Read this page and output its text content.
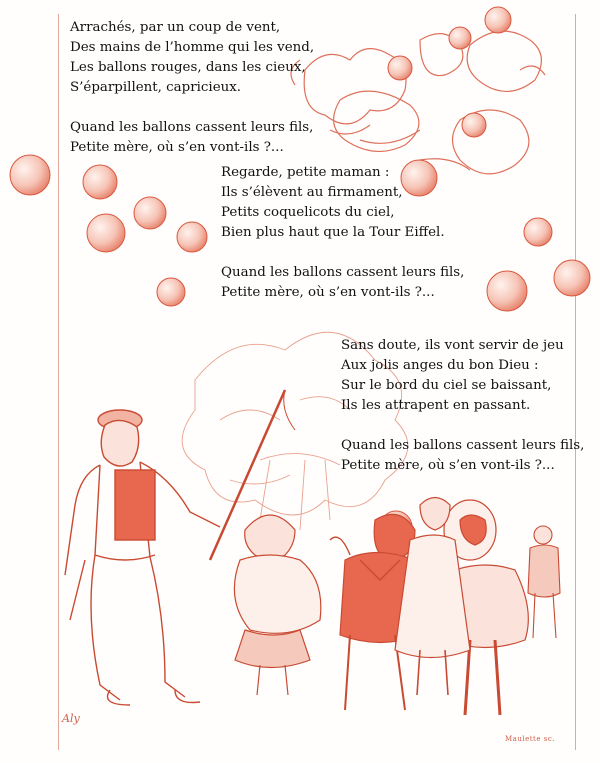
Arrachés, par un coup de vent,

Des mains de l’homme qui les vend,

Les ballons rouges, dans les cieux,

S’éparpillent, capricieux.

Quand les ballons cassent leurs fils,

Petite mère, où s’en vont-ils ?...

Regarde, petite maman :

Ils s’élèvent au firmament,

Petits coquelicots du ciel,

Bien plus haut que la Tour Eiffel.

Quand les ballons cassent leurs fils,

Petite mère, où s’en vont-ils ?...

Sans doute, ils vont servir de jeu

Aux jolis anges du bon Dieu :

Sur le bord du ciel se baissant,

Ils les attrapent en passant.

Quand les ballons cassent leurs fils,

Petite mère, où s’en vont-ils ?...

Aly
Maulette sc.
